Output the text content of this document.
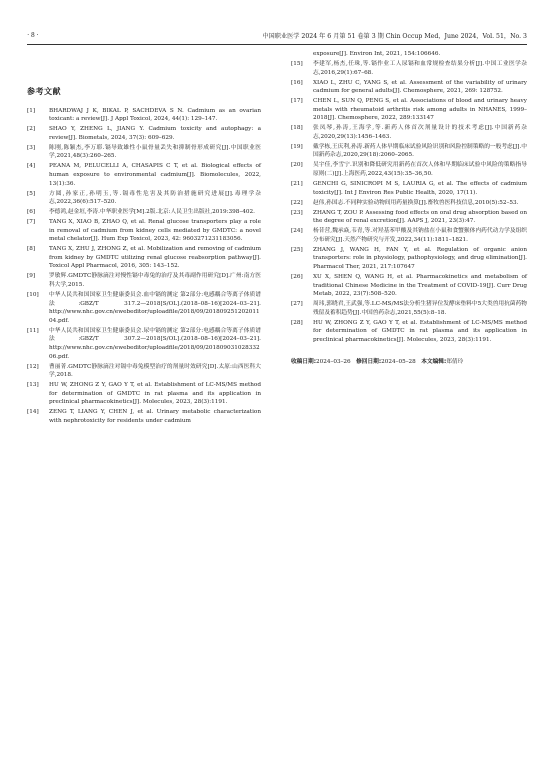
· 8 ·	中国职业医学 2024 年 6 月第 51 卷第 3 期 Chin Occup Med，June 2024，Vol. 51，No. 3
参考文献
[1]	BHARDWAJ J K, BIKAL P, SACHDEVA S N. Cadmium as an ovarian toxicant: a review[J]. J Appl Toxicol, 2024, 44(1): 129–147.
[2]	SHAO Y, ZHENG L, JIANG Y. Cadmium toxicity and autophagy: a review[J]. Biometals, 2024, 37(3): 609–629.
[3]	陈刚,陈颖杰,李万耶.镉导致雄性小鼠骨量丢失和抑制骨形成研究[J].中国职业医学,2021,48(3):260–265.
[4]	PEANA M, PELUCELLI A, CHASAPIS C T, et al. Biological effects of human exposure to environmental cadmium[J]. Biomolecules, 2022, 13(1):36.
[5]	方圆,孙家正,孙明玉,等.镉毒性危害及其防治措施研究进展[J].毒理学杂志,2022,36(6):517–520.
[6]	李德鸿,赵金垣,李涛.中华职业医学[M].2版.北京:人民卫生出版社,2019:398–402.
[7]	TANG X, XIAO B, ZHAO Q, et al. Renal glucose transporters play a role in removal of cadmium from kidney cells mediated by GMDTC: a novel metal chelator[J]. Hum Exp Toxicol, 2023, 42: 9603271231183056.
[8]	TANG X, ZHU J, ZHONG Z, et al. Mobilization and removing of cadmium from kidney by GMDTC utilizing renal glucose reabsorption pathway[J]. Toxicol Appl Pharmacol, 2016, 305: 143–152.
[9]	罗敏辉.GMDTC静脉滴注对慢性镉中毒兔的治疗及其毒副作用研究[D].广州:南方医科大学,2015.
[10]	中华人民共和国国家卫生健康委员会.血中镉的测定 第2部分:电感耦合等离子体质谱法:GBZ/T 317.2—2018[S/OL].(2018–08–16)[2024–03–21]. http://www.nhc.gov.cn/ewebeditor/uploadfile/2018/09/20180925120201104.pdf.
[11]	中华人民共和国国家卫生健康委员会.尿中镉的测定 第2部分:电感耦合等离子体质谱法:GBZ/T 307.2—2018[S/OL].(2018–08–16)[2024–03–21]. http://www.nhc.gov.cn/ewebeditor/uploadfile/2018/09/20180903102833206.pdf.
[12]	曹丽菁.GMDTC静脉滴注对镉中毒兔模型治疗的剂量时效研究[D].太原:山西医科大学,2018.
[13]	HU W, ZHONG Z Y, GAO Y T, et al. Establishment of LC-MS/MS method for determination of GMDTC in rat plasma and its application in preclinical pharmacokinetics[J]. Molecules, 2023, 28(3):1191.
[14]	ZENG T, LIANG Y, CHEN J, et al. Urinary metabolic characterization with nephrotoxicity for residents under cadmium
exposure[J]. Environ Int, 2021, 154:106646.
[15]	李建军,杨杰,任珠,等.镉作业工人尿镉和血常规检查结果分析[J].中国工业医学杂志,2016,29(1):67–68.
[16]	XIAO L, ZHU C, YANG S, et al. Assessment of the variability of urinary cadmium for general adults[J]. Chemosphere, 2021, 269: 128752.
[17]	CHEN L, SUN Q, PENG S, et al. Associations of blood and urinary heavy metals with rheumatoid arthritis risk among adults in NHANES, 1999–2018[J]. Chemosphere, 2022, 289:133147
[18]	张凤琴,孙涛,王海学,等.新药人体首次剂量设计的技术考虑[J].中国新药杂志,2020,29(13):1456–1463.
[19]	戴学栋,王庆利,孙涛.新药人体早期临床试验风险识别和风险控制策略的一般考虑[J].中国新药杂志,2020,29(18):2060–2065.
[20]	吴宇佳,李雪宁.识别和降低研究用新药在首次人体和早期临床试验中风险的策略指导原则(二)[J].上海医药,2022,43(15):35–36,50.
[21]	GENCHI G, SINICROPI M S, LAURIA G, et al. The effects of cadmium toxicity[J]. Int J Environ Res Public Health, 2020, 17(11).
[22]	赵伟,孙国志.不同种实验动物间用药量换算[J].畜牧兽医科技信息,2010(5):52–53.
[23]	ZHANG T, ZOU P. Assessing food effects on oral drug absorption based on the degree of renal excretion[J]. AAPS J, 2021, 23(3):47.
[24]	杨昔营,魏承焱,韦青,等.对羟基苯甲酸及其钠盐在小鼠和食蟹猴体内药代动力学及组织分布研究[J].天然产物研究与开发,2022,34(11):1811–1821.
[25]	ZHANG J, WANG H, FAN Y, et al. Regulation of organic anion transporters: role in physiology, pathophysiology, and drug elimination[J]. Pharmacol Ther, 2021, 217:107647
[26]	XU X, SHEN Q, WANG H, et al. Pharmacokinetics and metabolism of traditional Chinese Medicine in the Treatment of COVID-19[J]. Curr Drug Metab, 2022, 23(7):508–520.
[27]	周玮,郭晓君,王武强,等.LC-MS/MS法分析生猪异位发酵床垫料中5大类兽用抗菌药物残留及蓄积趋势[J].中国兽药杂志,2021,55(5):8–18.
[28]	HU W, ZHONG Z Y, GAO Y T, et al. Establishment of LC-MS/MS method for determination of GMDTC in rat plasma and its application in preclinical pharmacokinetics[J]. Molecules, 2023, 28(3):1191.
收稿日期:2024–03–26 修回日期:2024–05–28 本文编辑:郑倩玲
